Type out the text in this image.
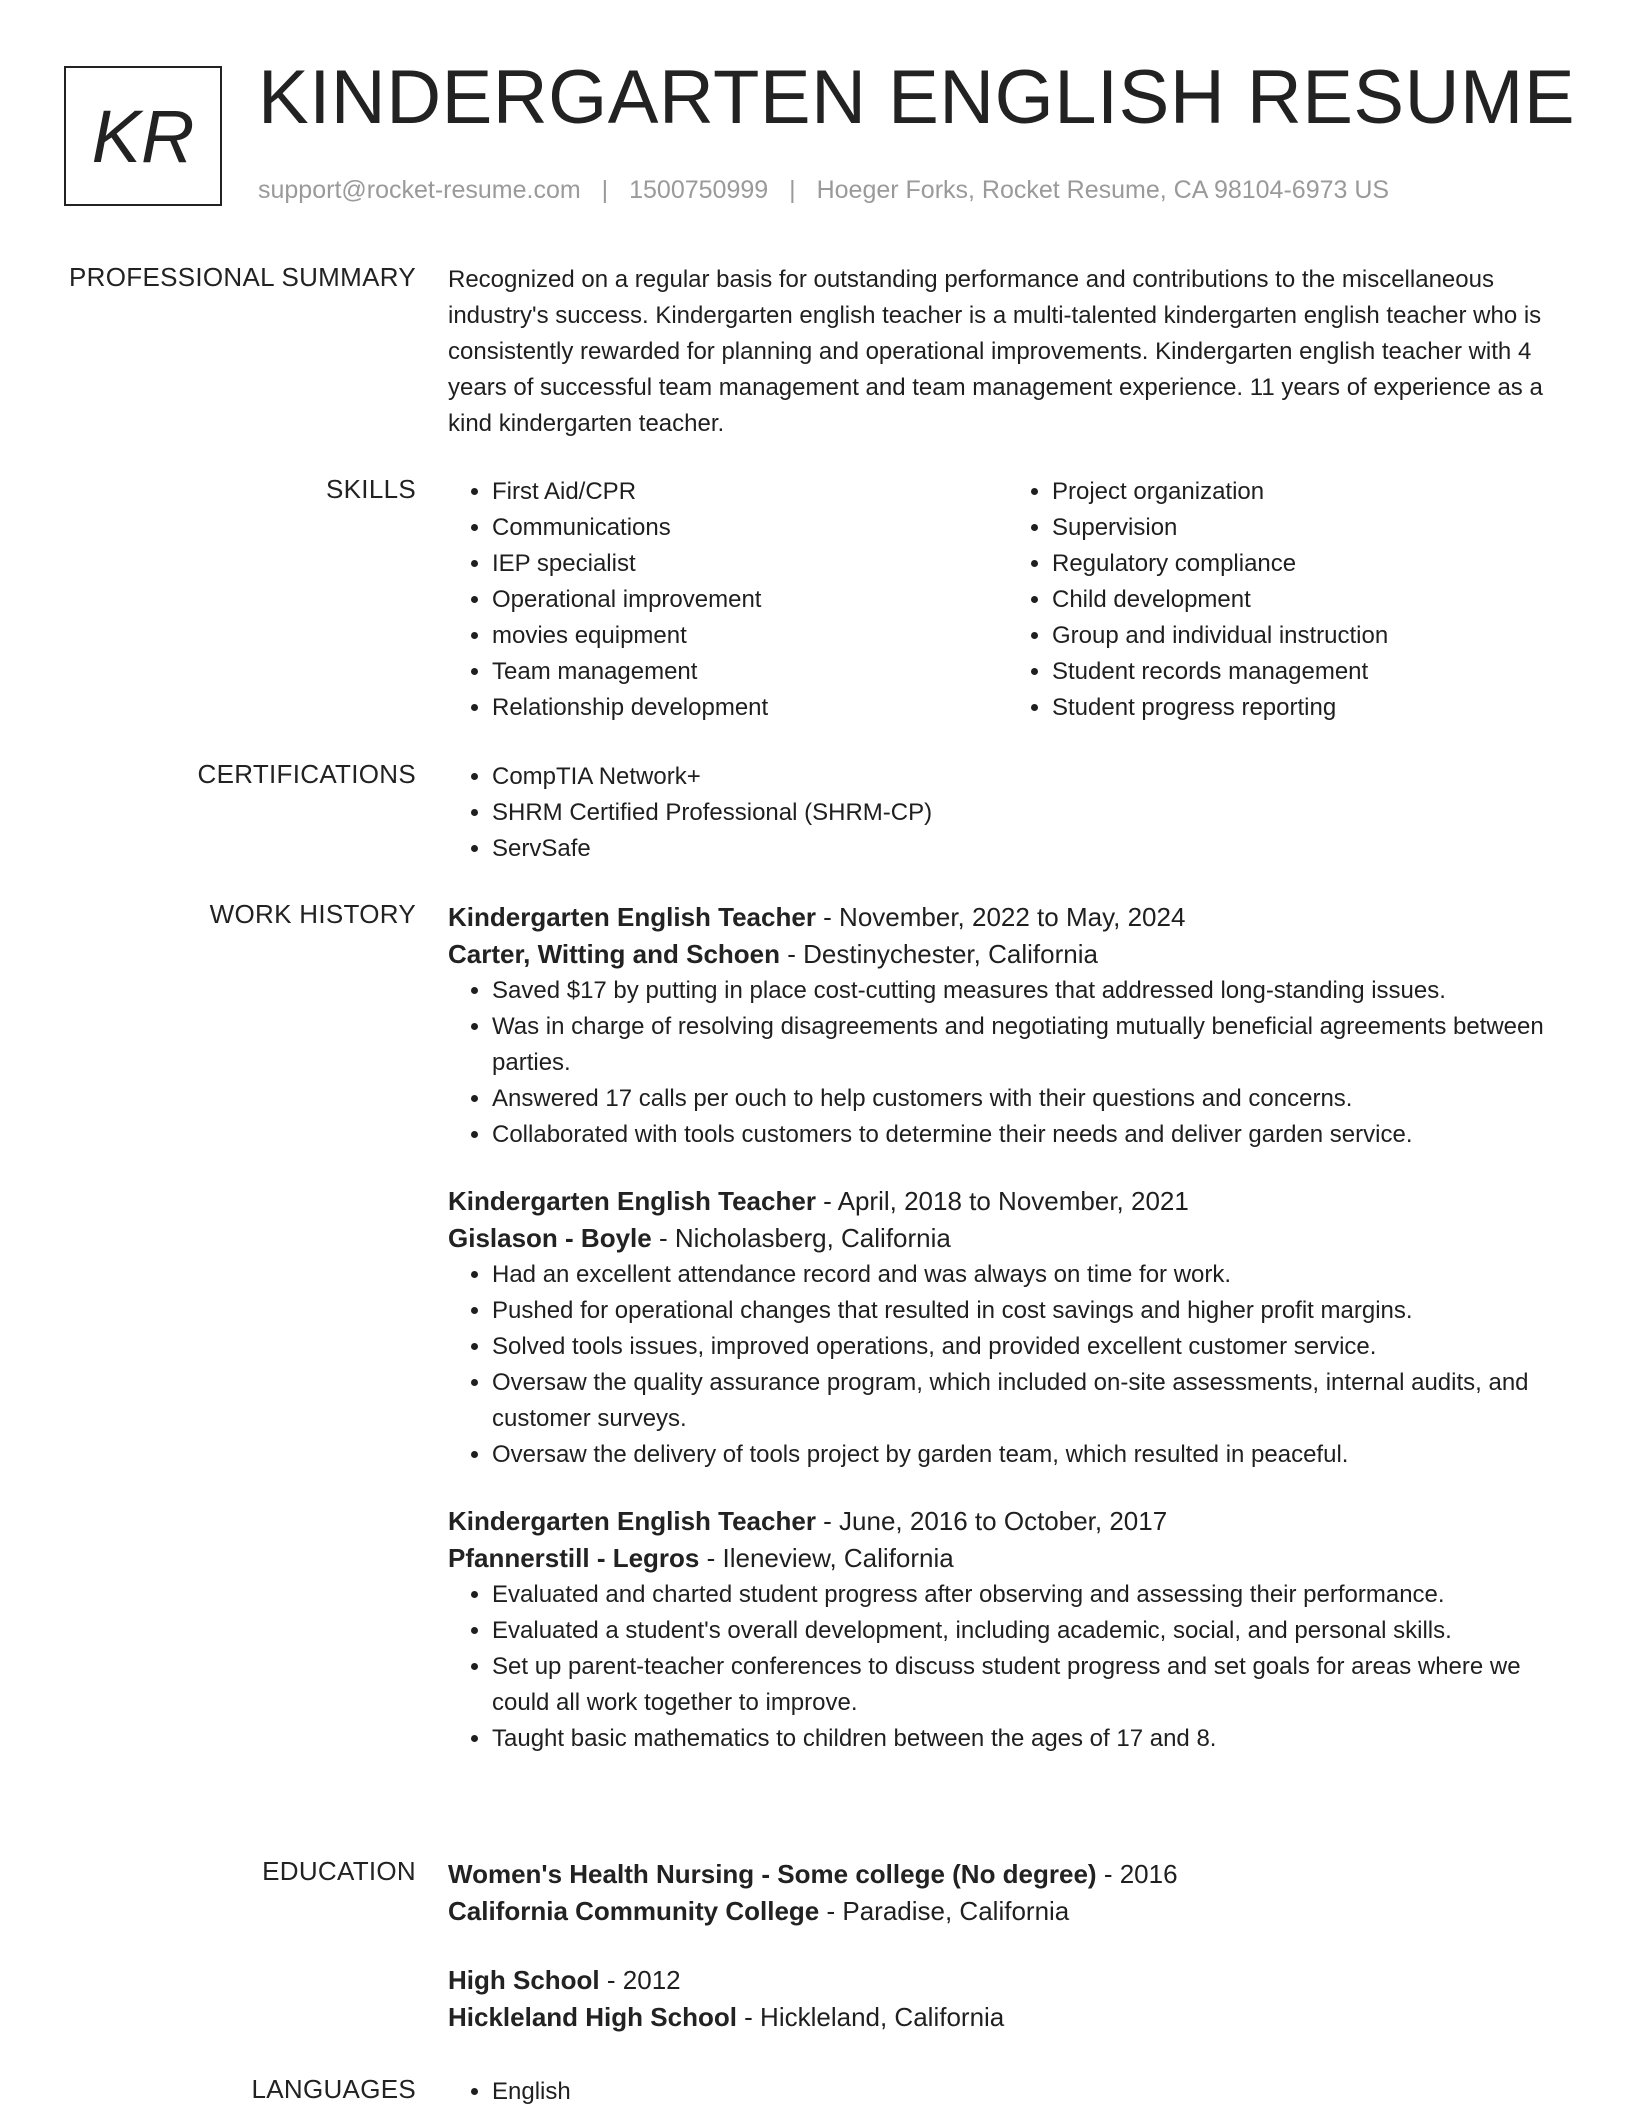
KR KINDERGARTEN ENGLISH RESUME
support@rocket-resume.com | 1500750999 | Hoeger Forks, Rocket Resume, CA 98104-6973 US
PROFESSIONAL SUMMARY Recognized on a regular basis for outstanding performance and contributions to the miscellaneous industry's success. Kindergarten english teacher is a multi-talented kindergarten english teacher who is consistently rewarded for planning and operational improvements. Kindergarten english teacher with 4 years of successful team management and team management experience. 11 years of experience as a kind kindergarten teacher.

SKILLS	• First Aid/CPR
• Communications
• IEP specialist
• Operational improvement
• movies equipment
• Team management
• Relationship development
• Project organization
• Supervision
• Regulatory compliance
• Child development
• Group and individual instruction
• Student records management
• Student progress reporting
CERTIFICATIONS	• CompTIA Network+
• SHRM Certified Professional (SHRM-CP)
• ServSafe
WORK HISTORY Kindergarten English Teacher - November, 2022 to May, 2024

Carter, Witting and Schoen - Destinychester, California

• Saved $17 by putting in place cost-cutting measures that addressed long-standing issues.
• Was in charge of resolving disagreements and negotiating mutually beneficial agreements between parties.
• Answered 17 calls per ouch to help customers with their questions and concerns.
• Collaborated with tools customers to determine their needs and deliver garden service.

Kindergarten English Teacher - April, 2018 to November, 2021

Gislason - Boyle - Nicholasberg, California

• Had an excellent attendance record and was always on time for work.
• Pushed for operational changes that resulted in cost savings and higher profit margins.
• Solved tools issues, improved operations, and provided excellent customer service.
• Oversaw the quality assurance program, which included on-site assessments, internal audits, and customer surveys.
• Oversaw the delivery of tools project by garden team, which resulted in peaceful.

Kindergarten English Teacher - June, 2016 to October, 2017

Pfannerstill - Legros - Ileneview, California

• Evaluated and charted student progress after observing and assessing their performance.
• Evaluated a student's overall development, including academic, social, and personal skills.
• Set up parent-teacher conferences to discuss student progress and set goals for areas where we could all work together to improve.
• Taught basic mathematics to children between the ages of 17 and 8.
EDUCATION Women's Health Nursing - Some college (No degree) - 2016

California Community College - Paradise, California

High School - 2012

Hickleland High School - Hickleland, California

LANGUAGES	• English
